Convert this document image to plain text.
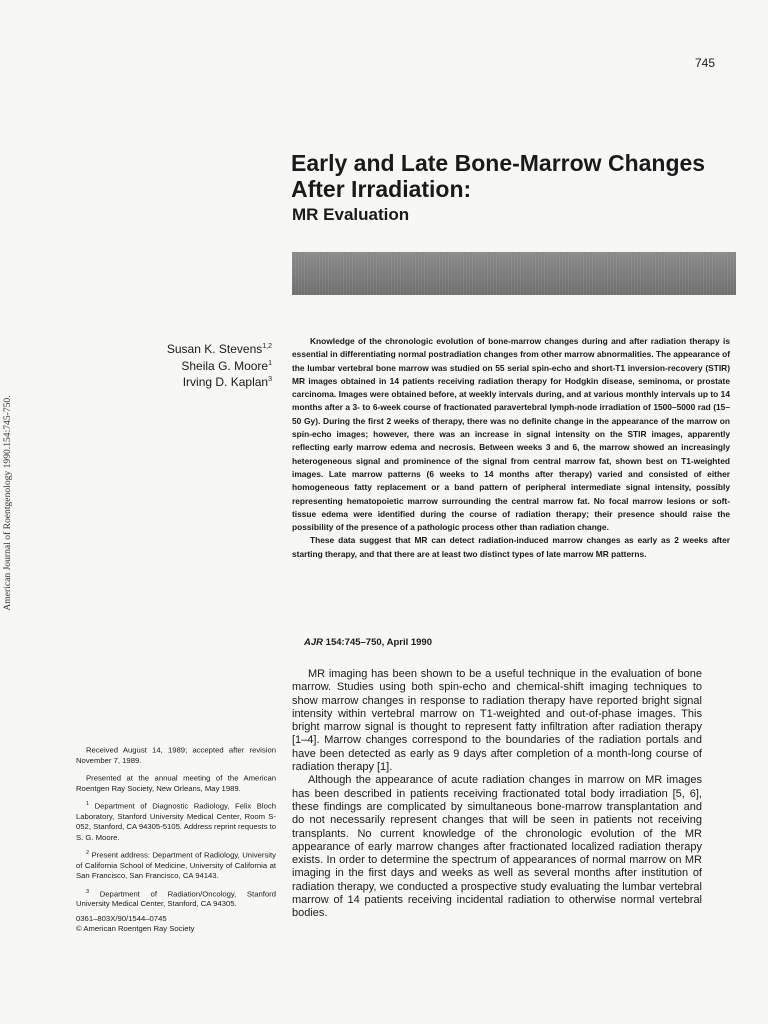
745
American Journal of Roentgenology 1990.154:745-750.
Early and Late Bone-Marrow Changes After Irradiation:
MR Evaluation
Susan K. Stevens$^{1,2}$
Sheila G. Moore$^1$
Irving D. Kaplan$^3$

Knowledge of the chronologic evolution of bone-marrow changes during and after radiation therapy is essential in differentiating normal postradiation changes from other marrow abnormalities. The appearance of the lumbar vertebral bone marrow was studied on 55 serial spin-echo and short-T1 inversion-recovery (STIR) MR images obtained in 14 patients receiving radiation therapy for Hodgkin disease, seminoma, or prostate carcinoma. Images were obtained before, at weekly intervals during, and at various monthly intervals up to 14 months after a 3- to 6-week course of fractionated paravertebral lymph-node irradiation of 1500–5000 rad (15–50 Gy). During the first 2 weeks of therapy, there was no definite change in the appearance of the marrow on spin-echo images; however, there was an increase in signal intensity on the STIR images, apparently reflecting early marrow edema and necrosis. Between weeks 3 and 6, the marrow showed an increasingly heterogeneous signal and prominence of the signal from central marrow fat, shown best on T1-weighted images. Late marrow patterns (6 weeks to 14 months after therapy) varied and consisted of either homogeneous fatty replacement or a band pattern of peripheral intermediate signal intensity, possibly representing hematopoietic marrow surrounding the central marrow fat. No focal marrow lesions or soft-tissue edema were identified during the course of radiation therapy; their presence should raise the possibility of the presence of a pathologic process other than radiation change.

These data suggest that MR can detect radiation-induced marrow changes as early as 2 weeks after starting therapy, and that there are at least two distinct types of late marrow MR patterns.

AJR 154:745–750, April 1990

MR imaging has been shown to be a useful technique in the evaluation of bone marrow. Studies using both spin-echo and chemical-shift imaging techniques to show marrow changes in response to radiation therapy have reported bright signal intensity within vertebral marrow on T1-weighted and out-of-phase images. This bright marrow signal is thought to represent fatty infiltration after radiation therapy [1–4]. Marrow changes correspond to the boundaries of the radiation portals and have been detected as early as 9 days after completion of a month-long course of radiation therapy [1].

Although the appearance of acute radiation changes in marrow on MR images has been described in patients receiving fractionated total body irradiation [5, 6], these findings are complicated by simultaneous bone-marrow transplantation and do not necessarily represent changes that will be seen in patients not receiving transplants. No current knowledge of the chronologic evolution of the MR appearance of early marrow changes after fractionated localized radiation therapy exists. In order to determine the spectrum of appearances of normal marrow on MR imaging in the first days and weeks as well as several months after institution of radiation therapy, we conducted a prospective study evaluating the lumbar vertebral marrow of 14 patients receiving incidental radiation to otherwise normal vertebral bodies.

Received August 14, 1989; accepted after revision November 7, 1989.

Presented at the annual meeting of the American Roentgen Ray Society, New Orleans, May 1989.

$^1$ Department of Diagnostic Radiology, Felix Bloch Laboratory, Stanford University Medical Center, Room S-052, Stanford, CA 94305-5105. Address reprint requests to S. G. Moore.

$^2$ Present address: Department of Radiology, University of California School of Medicine, University of California at San Francisco, San Francisco, CA 94143.

$^3$ Department of Radiation/Oncology, Stanford University Medical Center, Stanford, CA 94305.

0361–803X/90/1544–0745
© American Roentgen Ray Society
